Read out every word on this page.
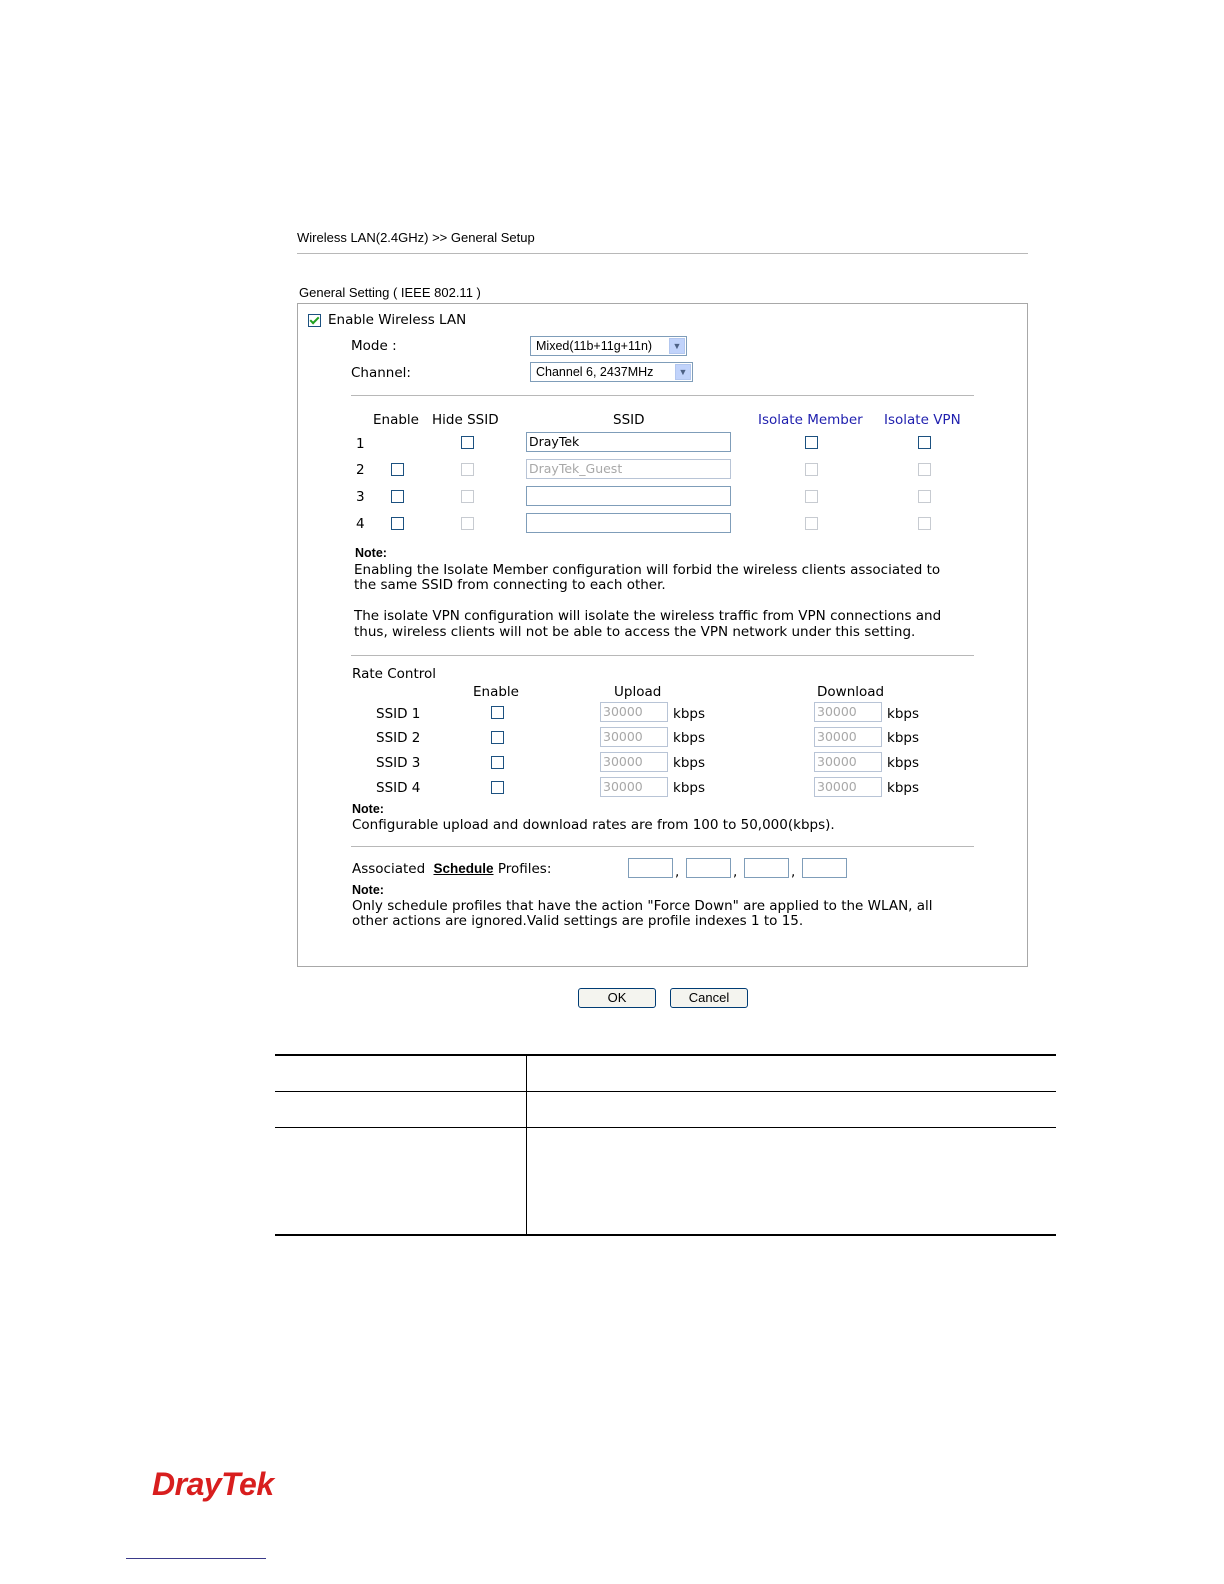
Wireless LAN(2.4GHz) >> General Setup
General Setting ( IEEE 802.11 )
Enable Wireless LAN
Mode :	Mixed(11b+11g+11n)	▼
Channel:	Channel 6, 2437MHz	▼
Enable Hide SSID	SSID	Isolate Member Isolate VPN
1	DrayTek
2	DrayTek_Guest
3
4
Note:
Enabling the Isolate Member configuration will forbid the wireless clients associated to
the same SSID from connecting to each other.
The isolate VPN configuration will isolate the wireless traffic from VPN connections and
thus, wireless clients will not be able to access the VPN network under this setting.
Rate Control
Enable	Upload	Download
SSID 1	30000	kbps	30000	kbps
SSID 2	30000	kbps	30000	kbps
SSID 3	30000	kbps	30000	kbps
SSID 4	30000	kbps	30000	kbps
Note:
Configurable upload and download rates are from 100 to 50,000(kbps).
Associated Schedule Profiles:	,	,	,
Note:
Only schedule profiles that have the action "Force Down" are applied to the WLAN, all
other actions are ignored.Valid settings are profile indexes 1 to 15.
OK	Cancel
DrayTek
